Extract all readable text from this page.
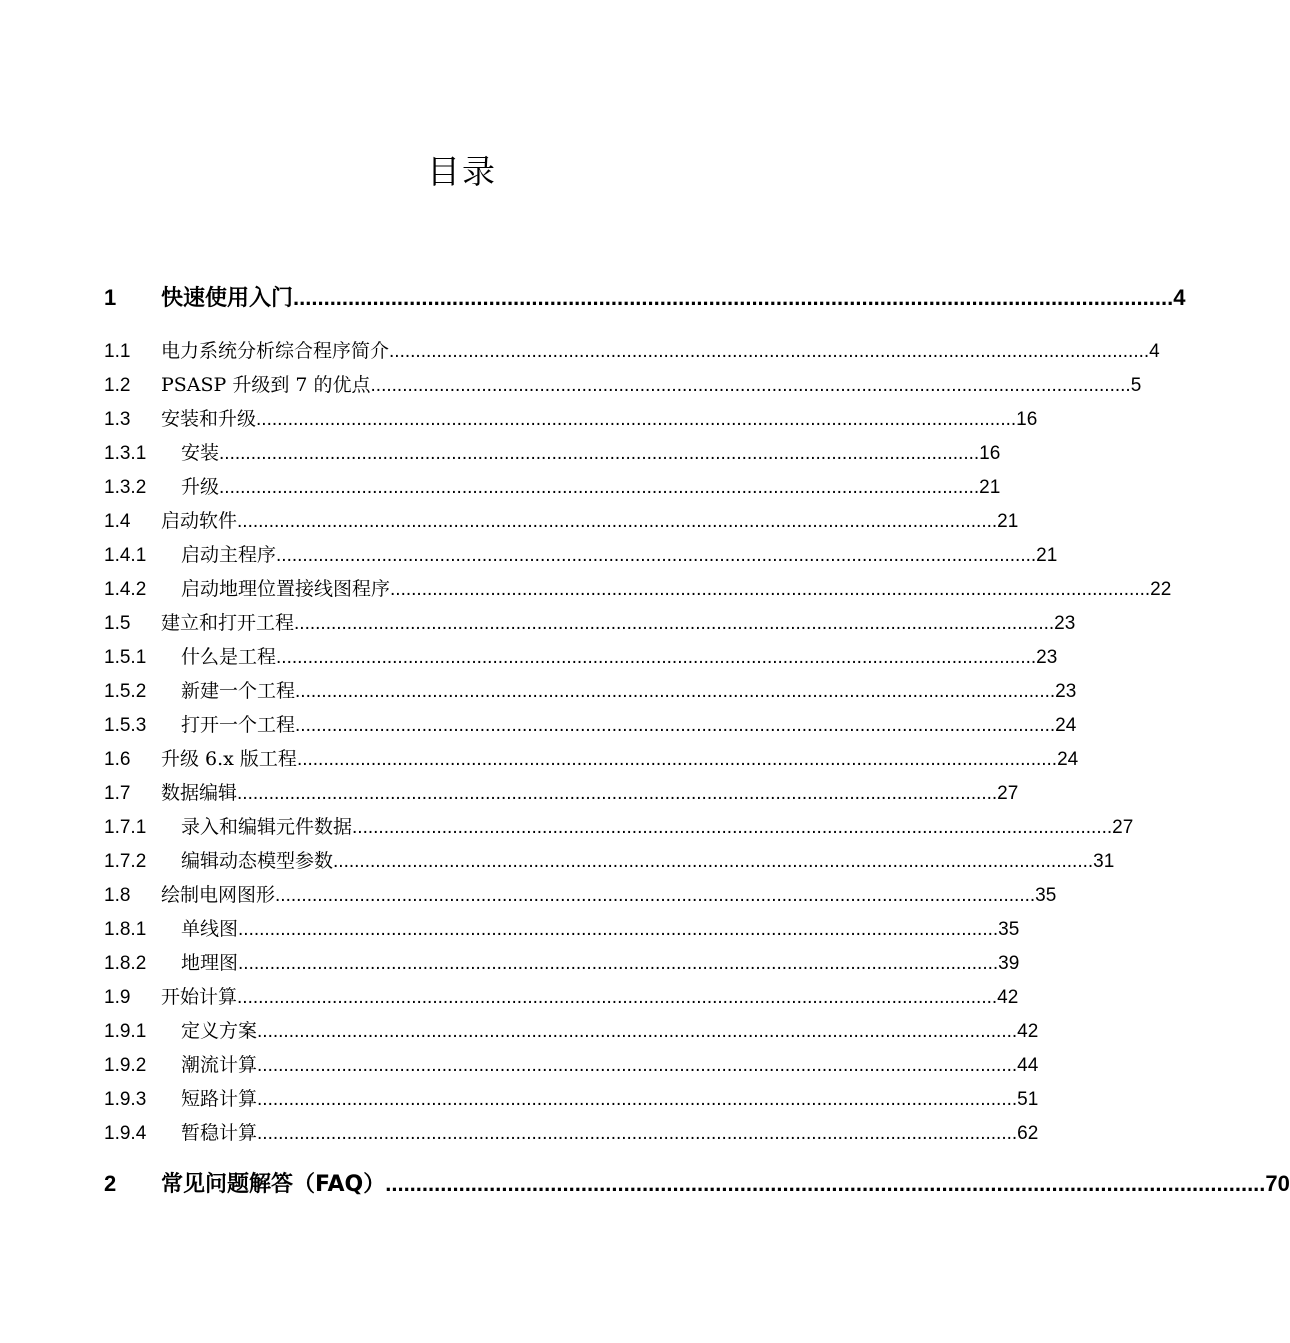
目录
1	快速使用入门 ................................................................................................................................................ 4
1.1	电力系统分析综合程序简介 ................................................................................................................................................ 4
1.2	PSASP 升级到 7 的优点 ................................................................................................................................................ 5
1.3	安装和升级 ................................................................................................................................................ 16
1.3.1	安装 ................................................................................................................................................ 16
1.3.2	升级 ................................................................................................................................................ 21
1.4	启动软件 ................................................................................................................................................ 21
1.4.1	启动主程序 ................................................................................................................................................ 21
1.4.2	启动地理位置接线图程序 ................................................................................................................................................ 22
1.5	建立和打开工程 ................................................................................................................................................ 23
1.5.1	什么是工程 ................................................................................................................................................ 23
1.5.2	新建一个工程 ................................................................................................................................................ 23
1.5.3	打开一个工程 ................................................................................................................................................ 24
1.6	升级 6.x 版工程 ................................................................................................................................................ 24
1.7	数据编辑 ................................................................................................................................................ 27
1.7.1	录入和编辑元件数据 ................................................................................................................................................ 27
1.7.2	编辑动态模型参数 ................................................................................................................................................ 31
1.8	绘制电网图形 ................................................................................................................................................ 35
1.8.1	单线图 ................................................................................................................................................ 35
1.8.2	地理图 ................................................................................................................................................ 39
1.9	开始计算 ................................................................................................................................................ 42
1.9.1	定义方案 ................................................................................................................................................ 42
1.9.2	潮流计算 ................................................................................................................................................ 44
1.9.3	短路计算 ................................................................................................................................................ 51
1.9.4	暂稳计算 ................................................................................................................................................ 62
2	常见问题解答（FAQ） ................................................................................................................................................ 70
